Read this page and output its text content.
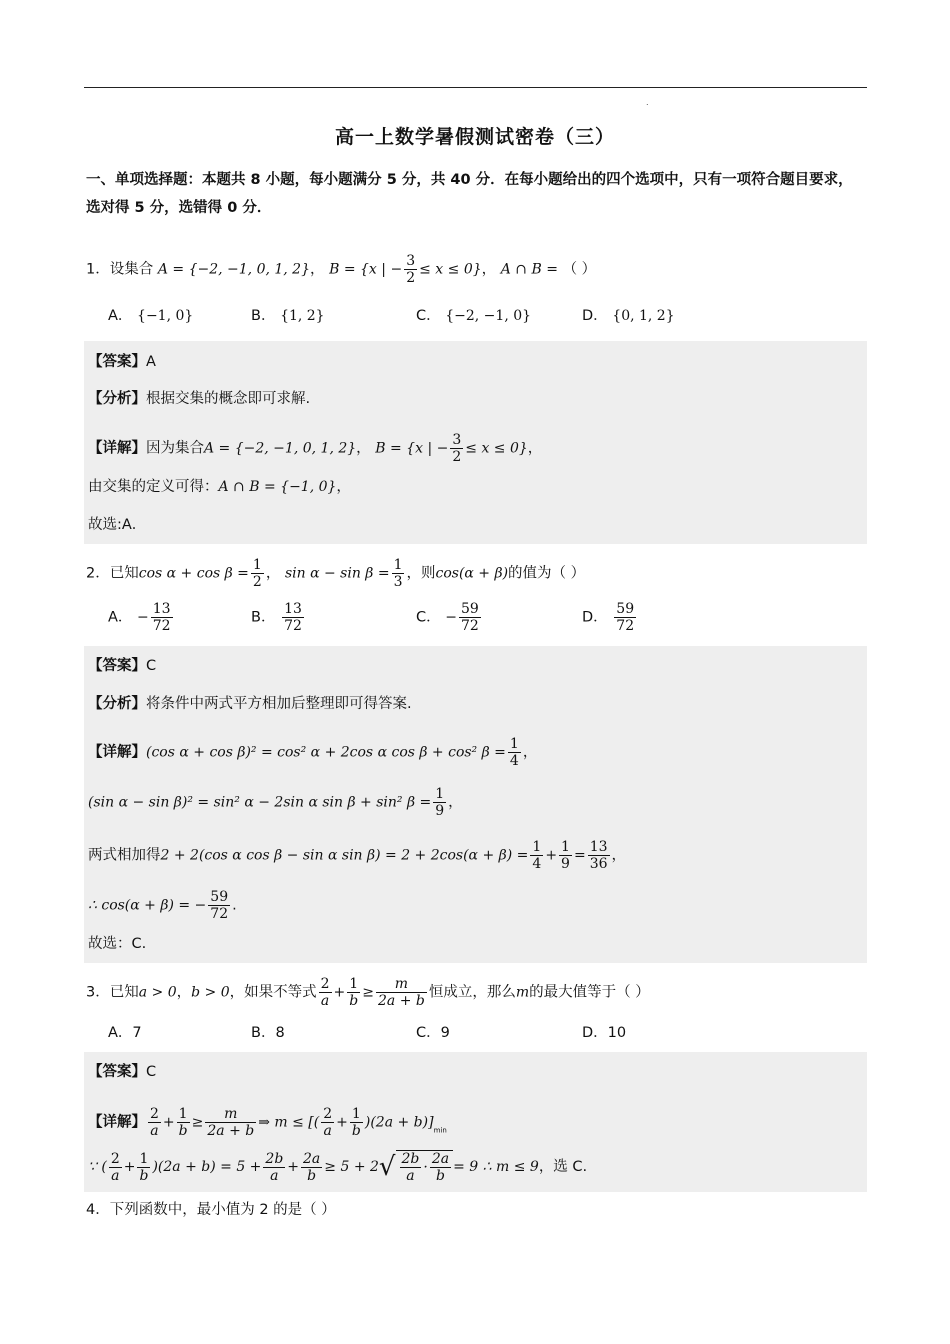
.
高一上数学暑假测试密卷（三）
一、单项选择题：本题共 8 小题，每小题满分 5 分，共 40 分．在每小题给出的四个选项中，只有一项符合题目要求，选对得 5 分，选错得 0 分．
1．设集合 A = {−2, −1, 0, 1, 2}， B = {x | − $\frac{3}{2} \le x \le 0$}， A ∩ B = （ ）
A． {−1, 0}	B． {1, 2}	C． {−2, −1, 0}	D． {0, 1, 2}
【答案】A
【分析】根据交集的概念即可求解.
【详解】因为集合A = {−2, −1, 0, 1, 2}， B = {x | − $\frac{3}{2} \le x \le 0$}，
由交集的定义可得：A ∩ B = {−1, 0}，
故选:A．
2．已知$\cos \alpha + \cos \beta = \frac{1}{2}$ ， $\sin \alpha - \sin \beta = \frac{1}{3}$ ，则cos(α + β)的值为（ ）
A． − $\frac{13}{72}$	B． $\frac{13}{72}$	C． − $\frac{59}{72}$	D． $\frac{59}{72}$
【答案】C
【分析】将条件中两式平方相加后整理即可得答案.
【详解】(cos α + cos β)² = cos² α + 2cos α cos β + cos² $\beta = \frac{1}{4}$ ，
(sin α − sin β)² = sin² α − 2sin α sin β + sin² $\beta = \frac{1}{9}$ ，
两式相加得2 + 2(cos α cos β − sin α $\sin \beta) = 2 + 2\cos(\alpha + \beta) = \frac{1}{4} + \frac{1}{9} = \frac{13}{36}$ ，
∴ cos(α + β) = − $\frac{59}{72}$ .
故选：C.
3．已知a > 0，b > 0，如果不等式 $\frac{2}{a} + \frac{1}{b} \ge \frac{m}{2a + b}$ 恒成立，那么m的最大值等于（ ）
A．7	B．8	C．9	D．10
【答案】C
【详解】 $\frac{2}{a} + \frac{1}{b} \ge \frac{m}{2a + b}$ ⇒ m ≤ [( $\frac{2}{a} + \frac{1}{b} )(2a + b)]_{min}$
∵ ( $\frac{2}{a} + \frac{1}{b} )(2a + b) = 5 + \frac{2b}{a} + \frac{2a}{b} \ge 5 + 2√ \frac{2b}{a} \cdot \frac{2a}{b} = 9$ ∴ m ≤ 9，选 C.
4．下列函数中，最小值为 2 的是（ ）
